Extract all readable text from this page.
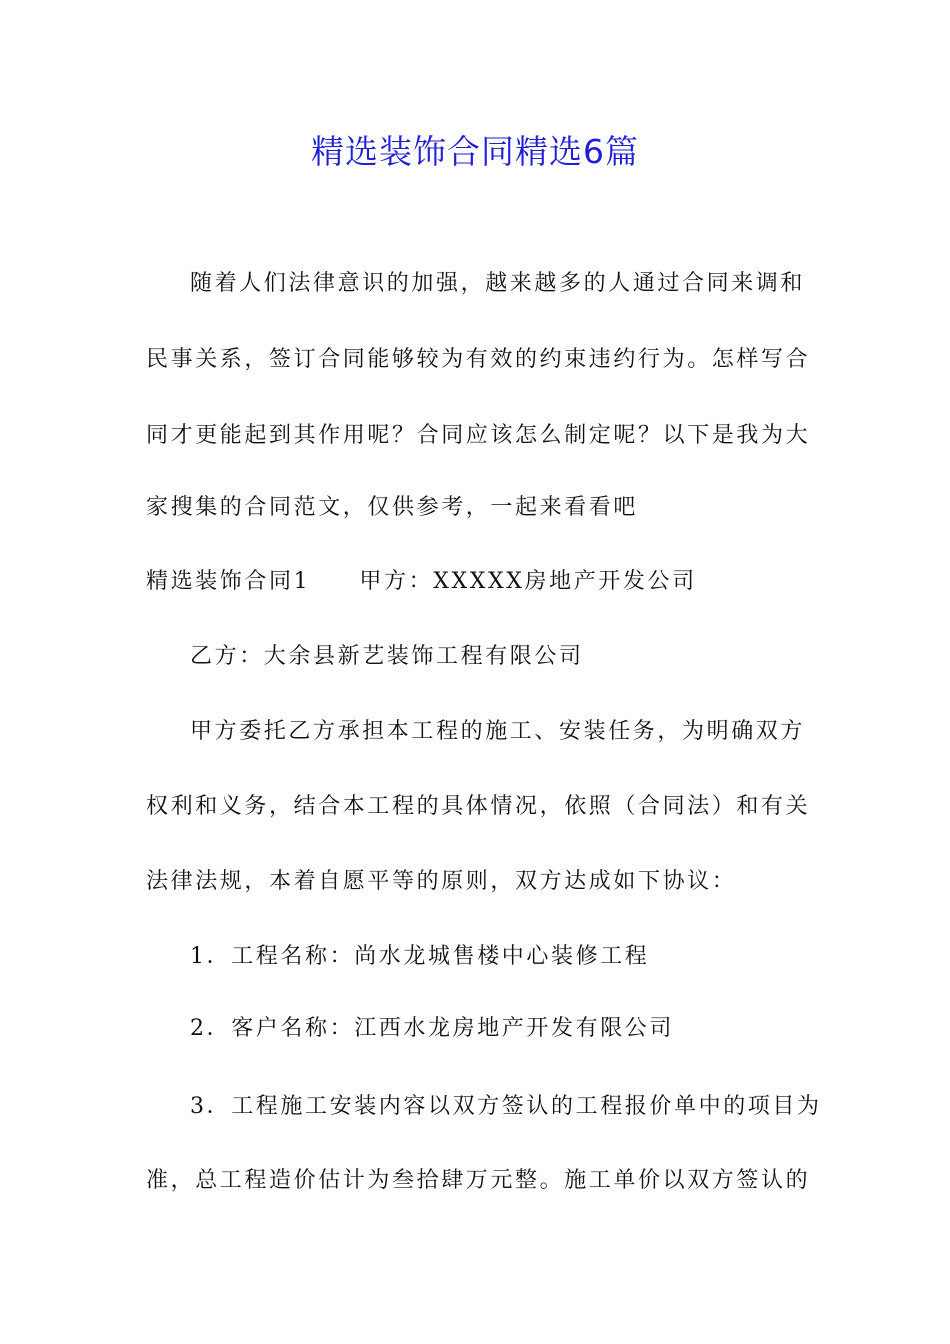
精选装饰合同精选6篇
随着人们法律意识的加强，越来越多的人通过合同来调和
民事关系，签订合同能够较为有效的约束违约行为。怎样写合
同才更能起到其作用呢？合同应该怎么制定呢？以下是我为大
家搜集的合同范文，仅供参考，一起来看看吧
精选装饰合同1　　甲方：XXXXX房地产开发公司
乙方：大余县新艺装饰工程有限公司
甲方委托乙方承担本工程的施工、安装任务，为明确双方
权利和义务，结合本工程的具体情况，依照（合同法）和有关
法律法规，本着自愿平等的原则，双方达成如下协议：
1．工程名称：尚水龙城售楼中心装修工程
2．客户名称：江西水龙房地产开发有限公司
3．工程施工安装内容以双方签认的工程报价单中的项目为
准，总工程造价估计为叁拾肆万元整。施工单价以双方签认的
